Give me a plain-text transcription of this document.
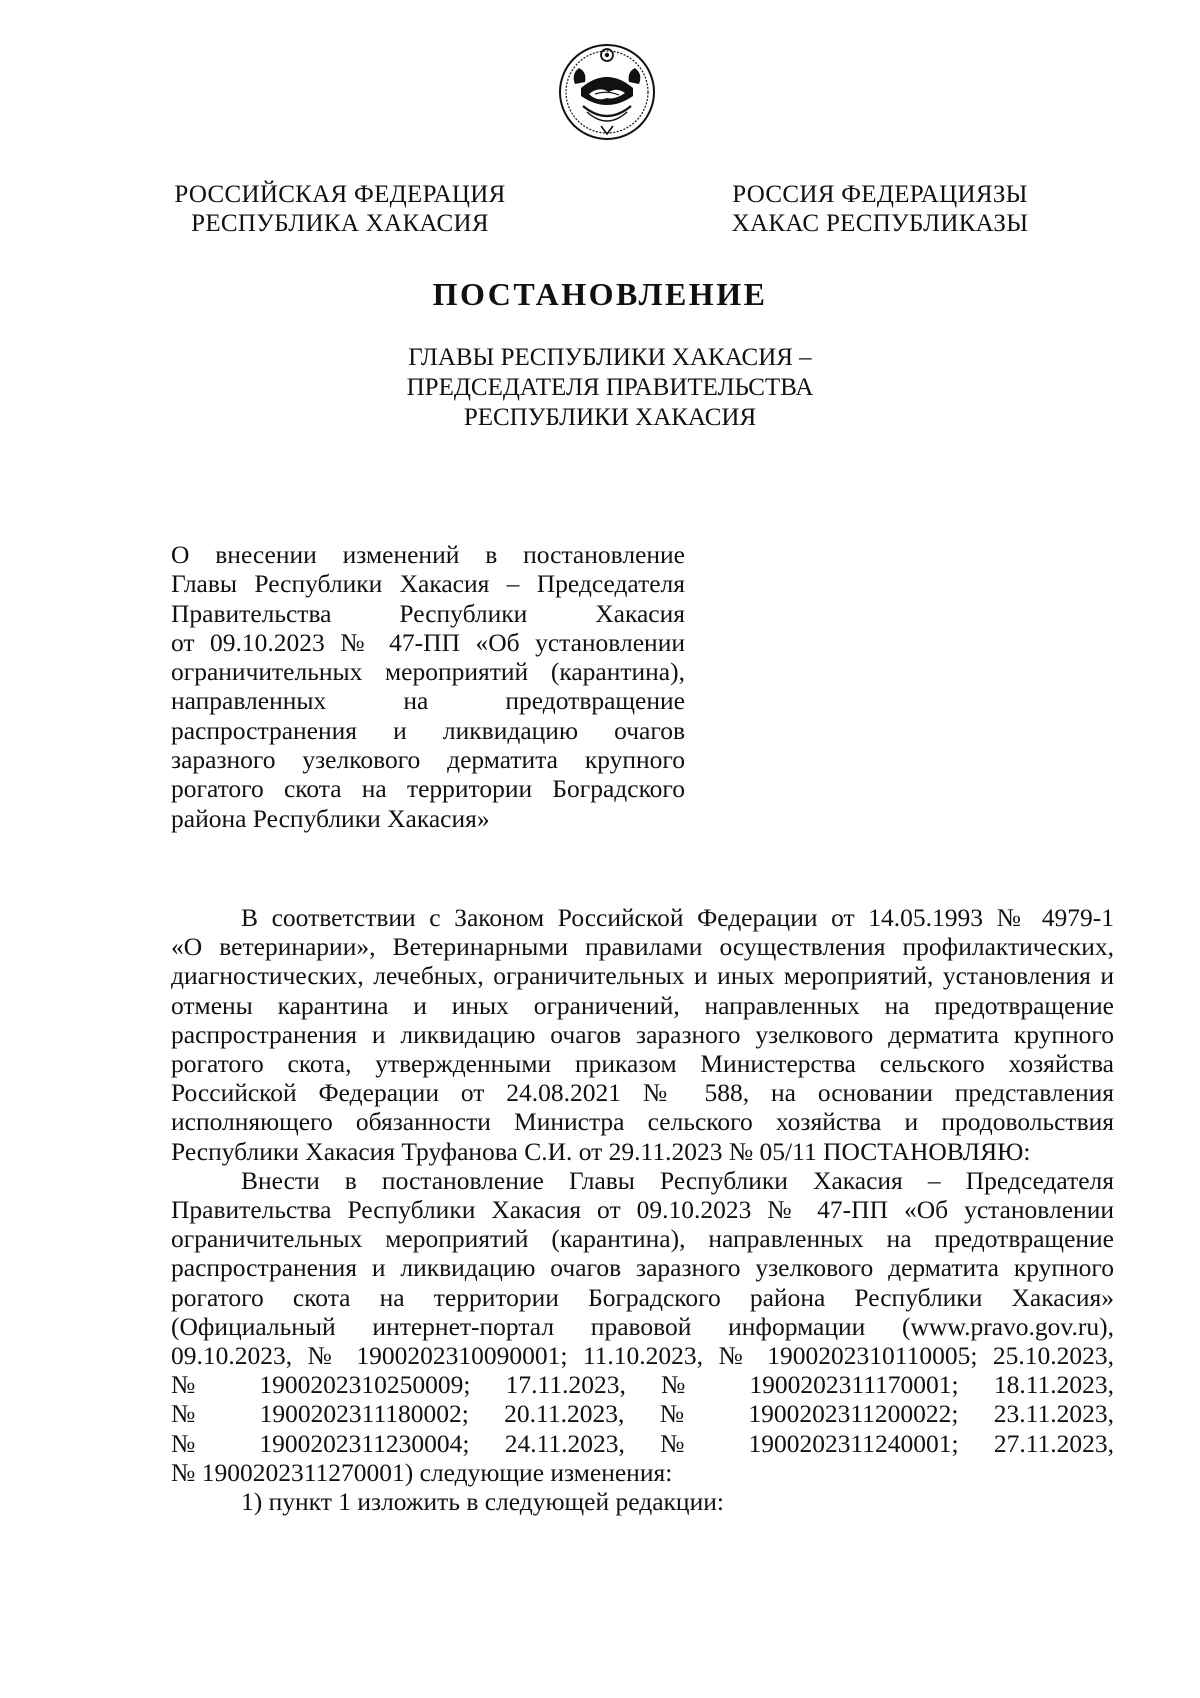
РОССИЙСКАЯ ФЕДЕРАЦИЯ
РЕСПУБЛИКА ХАКАСИЯ
РОССИЯ ФЕДЕРАЦИЯЗЫ
ХАКАС РЕСПУБЛИКАЗЫ
ПОСТАНОВЛЕНИЕ
ГЛАВЫ РЕСПУБЛИКИ ХАКАСИЯ –
ПРЕДСЕДАТЕЛЯ ПРАВИТЕЛЬСТВА
РЕСПУБЛИКИ ХАКАСИЯ
О внесении изменений в постановление
Главы Республики Хакасия – Председателя
Правительства Республики Хакасия
от 09.10.2023 № 47-ПП «Об установлении
ограничительных мероприятий (карантина),
направленных на предотвращение
распространения и ликвидацию очагов
заразного узелкового дерматита крупного
рогатого скота на территории Боградского
района Республики Хакасия»
В соответствии с Законом Российской Федерации от 14.05.1993 № 4979-1
«О ветеринарии», Ветеринарными правилами осуществления профилактических,
диагностических, лечебных, ограничительных и иных мероприятий, установления и
отмены карантина и иных ограничений, направленных на предотвращение
распространения и ликвидацию очагов заразного узелкового дерматита крупного
рогатого скота, утвержденными приказом Министерства сельского хозяйства
Российской Федерации от 24.08.2021 № 588, на основании представления
исполняющего обязанности Министра сельского хозяйства и продовольствия
Республики Хакасия Труфанова С.И. от 29.11.2023 № 05/11 ПОСТАНОВЛЯЮ:
Внести в постановление Главы Республики Хакасия – Председателя
Правительства Республики Хакасия от 09.10.2023 № 47-ПП «Об установлении
ограничительных мероприятий (карантина), направленных на предотвращение
распространения и ликвидацию очагов заразного узелкового дерматита крупного
рогатого скота на территории Боградского района Республики Хакасия»
(Официальный интернет-портал правовой информации (www.pravo.gov.ru),
09.10.2023, № 1900202310090001; 11.10.2023, № 1900202310110005; 25.10.2023,
№ 1900202310250009; 17.11.2023, № 1900202311170001; 18.11.2023,
№ 1900202311180002; 20.11.2023, № 1900202311200022; 23.11.2023,
№ 1900202311230004; 24.11.2023, № 1900202311240001; 27.11.2023,
№ 1900202311270001) следующие изменения:
1) пункт 1 изложить в следующей редакции:
